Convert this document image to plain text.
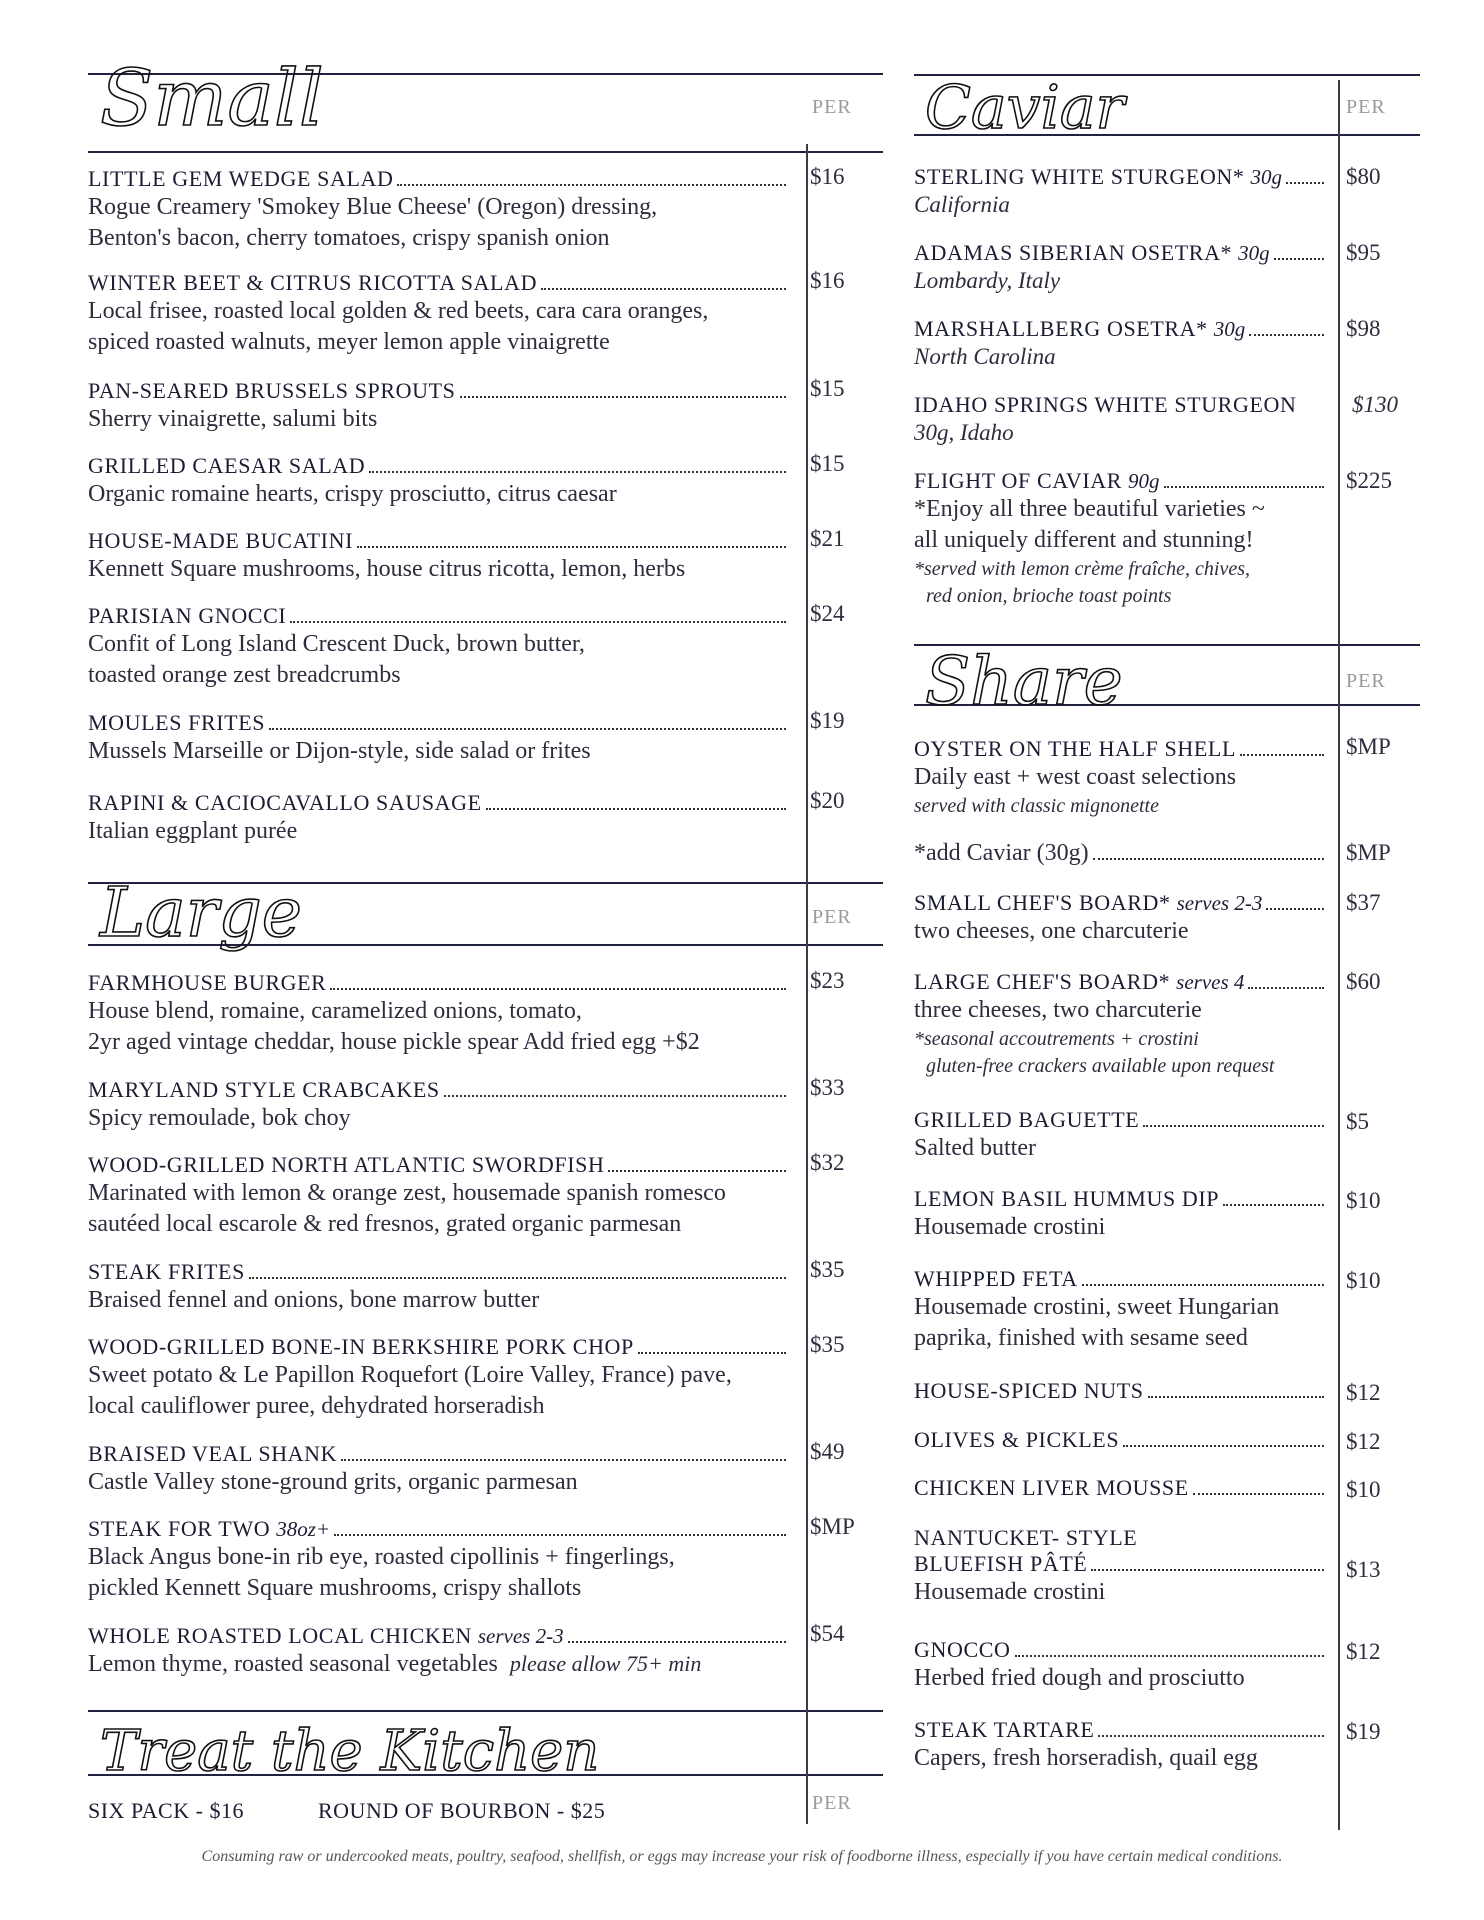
Small	PER
Large	PER
Treat the Kitchen
LITTLE GEM WEDGE SALAD
Rogue Creamery 'Smokey Blue Cheese' (Oregon) dressing,
Benton's bacon, cherry tomatoes, crispy spanish onion
$16
WINTER BEET & CITRUS RICOTTA SALAD
Local frisee, roasted local golden & red beets, cara cara oranges,
spiced roasted walnuts, meyer lemon apple vinaigrette
$16
PAN-SEARED BRUSSELS SPROUTS
Sherry vinaigrette, salumi bits
$15
GRILLED CAESAR SALAD
Organic romaine hearts, crispy prosciutto, citrus caesar
$15
HOUSE-MADE BUCATINI
Kennett Square mushrooms, house citrus ricotta, lemon, herbs
$21
PARISIAN GNOCCI
Confit of Long Island Crescent Duck, brown butter,
toasted orange zest breadcrumbs
$24
MOULES FRITES
Mussels Marseille or Dijon-style, side salad or frites
$19
RAPINI & CACIOCAVALLO SAUSAGE
Italian eggplant purée
$20
FARMHOUSE BURGER
House blend, romaine, caramelized onions, tomato,
2yr aged vintage cheddar, house pickle spear Add fried egg +$2
$23
MARYLAND STYLE CRABCAKES
Spicy remoulade, bok choy
$33
WOOD-GRILLED NORTH ATLANTIC SWORDFISH
Marinated with lemon & orange zest, housemade spanish romesco
sautéed local escarole & red fresnos, grated organic parmesan
$32
STEAK FRITES
Braised fennel and onions, bone marrow butter
$35
WOOD-GRILLED BONE-IN BERKSHIRE PORK CHOP
Sweet potato & Le Papillon Roquefort (Loire Valley, France) pave,
local cauliflower puree, dehydrated horseradish
$35
BRAISED VEAL SHANK
Castle Valley stone-ground grits, organic parmesan
$49
STEAK FOR TWO 38oz+
Black Angus bone-in rib eye, roasted cipollinis + fingerlings,
pickled Kennett Square mushrooms, crispy shallots
$MP
WHOLE ROASTED LOCAL CHICKEN serves 2-3
Lemon thyme, roasted seasonal vegetables please allow 75+ min
$54
SIX PACK - $16	ROUND OF BOURBON - $25	PER
Caviar	PER
Share	PER
STERLING WHITE STURGEON* 30g
California
$80
ADAMAS SIBERIAN OSETRA* 30g
Lombardy, Italy
$95
MARSHALLBERG OSETRA* 30g
North Carolina
$98
IDAHO SPRINGS WHITE STURGEON
30g, Idaho
$130
FLIGHT OF CAVIAR 90g
*Enjoy all three beautiful varieties ~
all uniquely different and stunning!
*served with lemon crème fraîche, chives,
red onion, brioche toast points
$225
OYSTER ON THE HALF SHELL
Daily east + west coast selections
served with classic mignonette
$MP
*add Caviar (30g)	$MP
SMALL CHEF'S BOARD* serves 2-3
two cheeses, one charcuterie
$37
LARGE CHEF'S BOARD* serves 4
three cheeses, two charcuterie
*seasonal accoutrements + crostini
gluten-free crackers available upon request
$60
GRILLED BAGUETTE
Salted butter
$5
LEMON BASIL HUMMUS DIP
Housemade crostini
$10
WHIPPED FETA
Housemade crostini, sweet Hungarian
paprika, finished with sesame seed
$10
HOUSE-SPICED NUTS	$12
OLIVES & PICKLES	$12
CHICKEN LIVER MOUSSE	$10
NANTUCKET- STYLE
BLUEFISH PÂTÉ
Housemade crostini
$13
GNOCCO
Herbed fried dough and prosciutto
$12
STEAK TARTARE
Capers, fresh horseradish, quail egg
$19
Consuming raw or undercooked meats, poultry, seafood, shellfish, or eggs may increase your risk of foodborne illness, especially if you have certain medical conditions.
